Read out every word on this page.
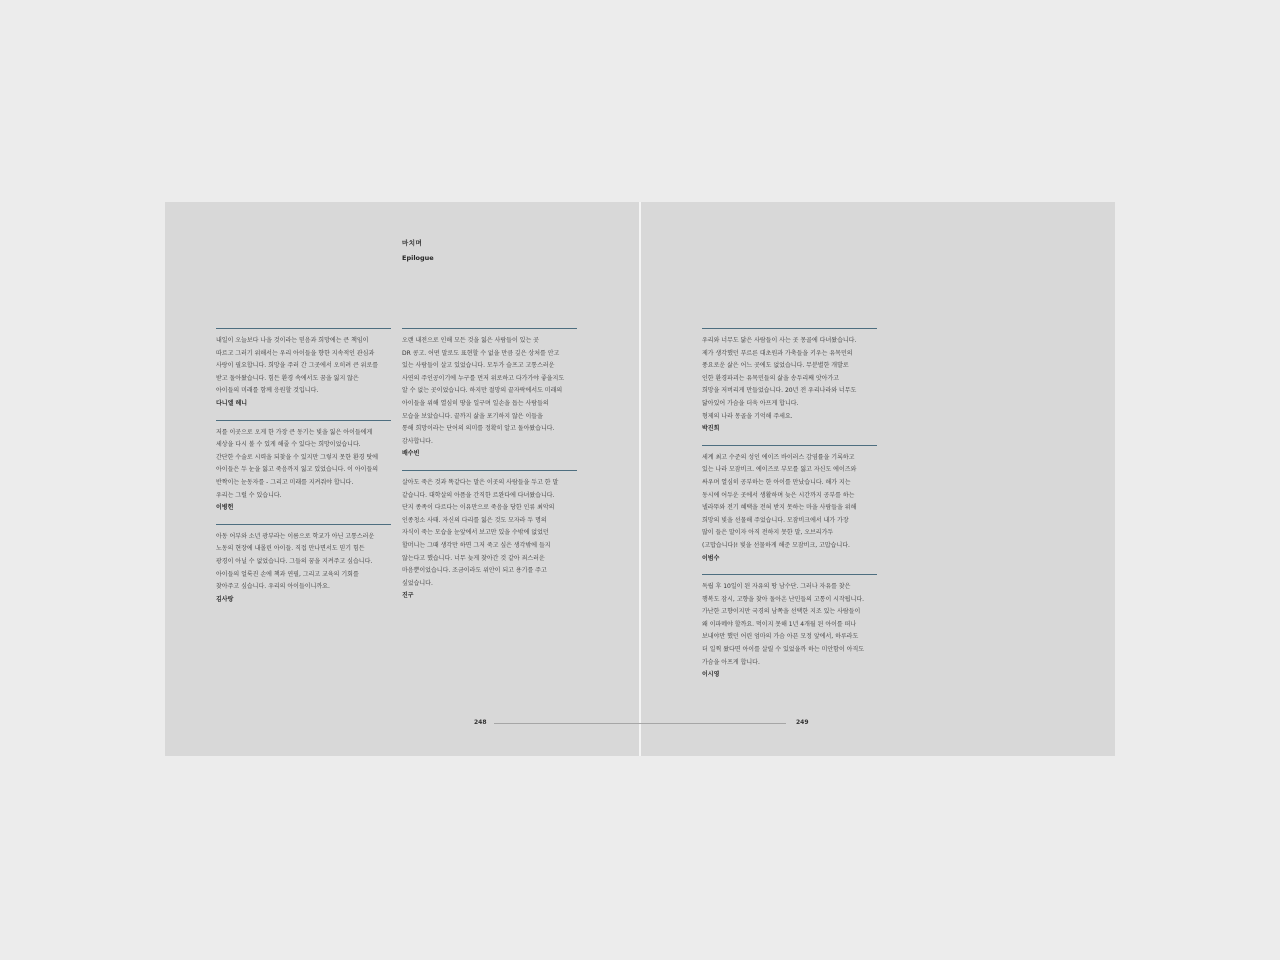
마치며
Epilogue

내일이 오늘보다 나을 것이라는 믿음과 희망에는 큰 책임이
따르고 그러기 위해서는 우리 아이들을 향한 지속적인 관심과
사랑이 필요합니다. 희망을 주러 간 그곳에서 오히려 큰 위로를
받고 돌아왔습니다. 힘든 환경 속에서도 꿈을 잃지 않은
아이들의 미래를 함께 응원할 것입니다.

다니엘 헤니

저를 이곳으로 오게 한 가장 큰 동기는 빛을 잃은 아이들에게
세상을 다시 볼 수 있게 해줄 수 있다는 희망이었습니다.
간단한 수술로 시력을 되찾을 수 있지만 그렇지 못한 환경 탓에
아이들은 두 눈을 잃고 죽음까지 잃고 있었습니다. 이 아이들의
반짝이는 눈동자를 - 그리고 미래를 지켜줘야 합니다.
우리는 그럴 수 있습니다.

이병헌

아동 어부와 소년 광부라는 이름으로 학교가 아닌 고통스러운
노동의 현장에 내몰린 아이들. 직접 만나면서도 믿기 힘든
광경이 아닐 수 없었습니다. 그들의 꿈을 지켜주고 싶습니다.
아이들의 얼룩진 손에 책과 연필, 그리고 교육의 기회를
찾아주고 싶습니다. 우리의 아이들이니까요.

김사랑

오랜 내전으로 인해 모든 것을 잃은 사람들이 있는 곳
DR 콩고. 어떤 말로도 표현할 수 없을 만큼 깊은 상처를 안고
있는 사람들이 살고 있었습니다. 모두가 슬프고 고통스러운
사연의 주인공이기에 누구를 먼저 위로하고 다가가야 좋을지도
알 수 없는 곳이었습니다. 하지만 절망의 끝자락에서도 미래의
아이들을 위해 열심히 땅을 일구며 일손을 돕는 사람들의
모습을 보았습니다. 끝까지 삶을 포기하지 않은 이들을
통해 희망이라는 단어의 의미를 정확히 알고 돌아왔습니다.
감사합니다.

배수빈

살아도 죽은 것과 똑같다는 말은 이곳의 사람들을 두고 한 말
같습니다. 대학살의 아픔을 간직한 르완다에 다녀왔습니다.
단지 종족이 다르다는 이유만으로 죽음을 당한 인류 최악의
인종청소 사태. 자신의 다리를 잃은 것도 모자라 두 명의
자식이 죽는 모습을 눈앞에서 보고만 있을 수밖에 없었던
할머니는 그때 생각만 하면 그저 죽고 싶은 생각밖에 들지
않는다고 했습니다. 너무 늦게 찾아간 것 같아 죄스러운
마음뿐이었습니다. 조금이라도 위안이 되고 용기를 주고
싶었습니다.

진구

우리와 너무도 닮은 사람들이 사는 곳 몽골에 다녀왔습니다.
제가 생각했던 푸르른 대초원과 가축들을 키우는 유목민의
풍요로운 삶은 어느 곳에도 없었습니다. 무분별한 개발로
인한 환경파괴는 유목민들의 삶을 송두리째 앗아가고
희망을 저버리게 만들었습니다. 20년 전 우리나라와 너무도
닮아있어 가슴을 더욱 아프게 합니다.
형제의 나라 몽골을 기억해 주세요.

박진희

세계 최고 수준의 성인 에이즈 바이러스 감염률을 기록하고
있는 나라 모잠비크. 에이즈로 부모를 잃고 자신도 에이즈와
싸우며 열심히 공부하는 한 아이를 만났습니다. 해가 지는
동시에 어두운 곳에서 생활하며 늦은 시간까지 공부를 하는
넬라뚜와 전기 혜택을 전혀 받지 못하는 마을 사람들을 위해
희망의 빛을 선물해 주었습니다. 모잠비크에서 내가 가장
많이 들은 말이자 아직 전하지 못한 말, 오브리가두
(고맙습니다)! 빛을 선물하게 해준 모잠비크, 고맙습니다.

이범수

독립 후 10일이 된 자유의 땅 남수단. 그러나 자유를 찾은
행복도 잠시, 고향을 찾아 돌아온 난민들의 고통이 시작됩니다.
가난한 고향이지만 국경의 남쪽을 선택한 지조 있는 사람들이
왜 이파메야 할까요. 먹이지 못해 1년 4개월 된 아이를 떠나
보내야만 했던 어린 엄마의 가슴 아픈 모정 앞에서, 하루라도
더 일찍 왔다면 아이를 살릴 수 있었을까 하는 미안함이 아직도
가슴을 아프게 합니다.

이시영
248	249
